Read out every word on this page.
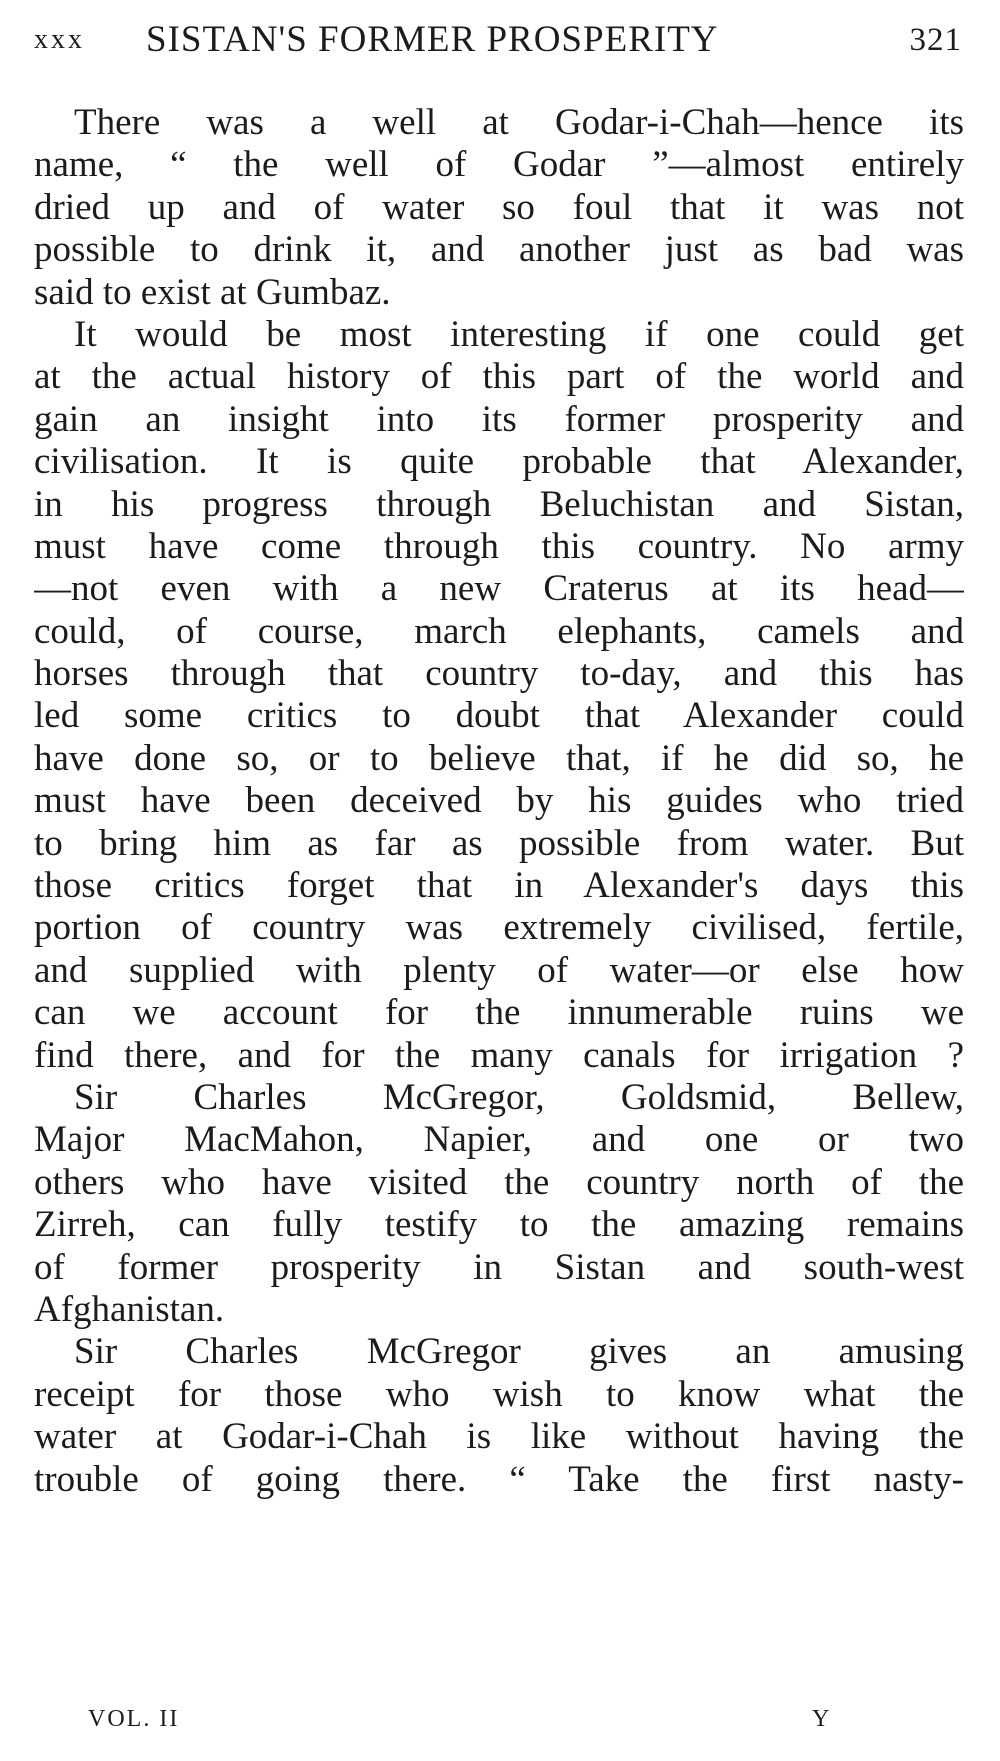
xxx SISTAN'S FORMER PROSPERITY	321
There was a well at Godar-i-Chah—hence its
name, “ the well of Godar ”—almost entirely
dried up and of water so foul that it was not
possible to drink it, and another just as bad was
said to exist at Gumbaz.
It would be most interesting if one could get
at the actual history of this part of the world and
gain an insight into its former prosperity and
civilisation. It is quite probable that Alexander,
in his progress through Beluchistan and Sistan,
must have come through this country. No army
—not even with a new Craterus at its head—
could, of course, march elephants, camels and
horses through that country to-day, and this has
led some critics to doubt that Alexander could
have done so, or to believe that, if he did so, he
must have been deceived by his guides who tried
to bring him as far as possible from water. But
those critics forget that in Alexander's days this
portion of country was extremely civilised, fertile,
and supplied with plenty of water—or else how
can we account for the innumerable ruins we
find there, and for the many canals for irrigation ?
Sir Charles McGregor, Goldsmid, Bellew,
Major MacMahon, Napier, and one or two
others who have visited the country north of the
Zirreh, can fully testify to the amazing remains
of former prosperity in Sistan and south-west
Afghanistan.
Sir Charles McGregor gives an amusing
receipt for those who wish to know what the
water at Godar-i-Chah is like without having the
trouble of going there. “ Take the first nasty-
VOL. II	Y
